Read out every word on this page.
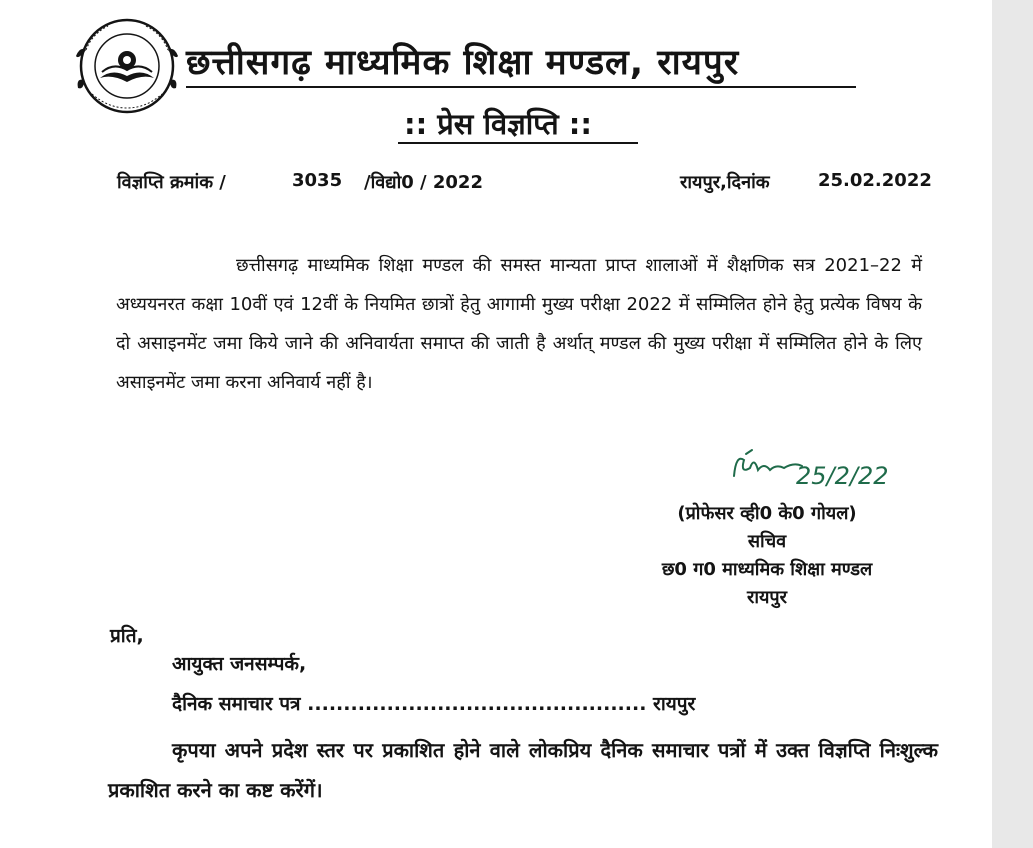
छत्तीसगढ़ माध्यमिक शिक्षा मण्डल, रायपुर
:: प्रेस विज्ञप्ति ::
विज्ञप्ति क्रमांक /	3035 /विद्यो0 / 2022	रायपुर,दिनांक	25.02.2022
छत्तीसगढ़ माध्यमिक शिक्षा मण्डल की समस्त मान्यता प्राप्त शालाओं में शैक्षणिक सत्र 2021–22 में अध्ययनरत कक्षा 10वीं एवं 12वीं के नियमित छात्रों हेतु आगामी मुख्य परीक्षा 2022 में सम्मिलित होने हेतु प्रत्येक विषय के दो असाइनमेंट जमा किये जाने की अनिवार्यता समाप्त की जाती है अर्थात् मण्डल की मुख्य परीक्षा में सम्मिलित होने के लिए असाइनमेंट जमा करना अनिवार्य नहीं है।
25/2/22
(प्रोफेसर व्ही0 के0 गोयल)
सचिव
छ0 ग0 माध्यमिक शिक्षा मण्डल
रायपुर
प्रति,
आयुक्त जनसम्पर्क,
दैनिक समाचार पत्र ............................................... रायपुर
कृपया अपने प्रदेश स्तर पर प्रकाशित होने वाले लोकप्रिय दैनिक समाचार पत्रों में उक्त विज्ञप्ति निःशुल्क प्रकाशित करने का कष्ट करेंगें।
